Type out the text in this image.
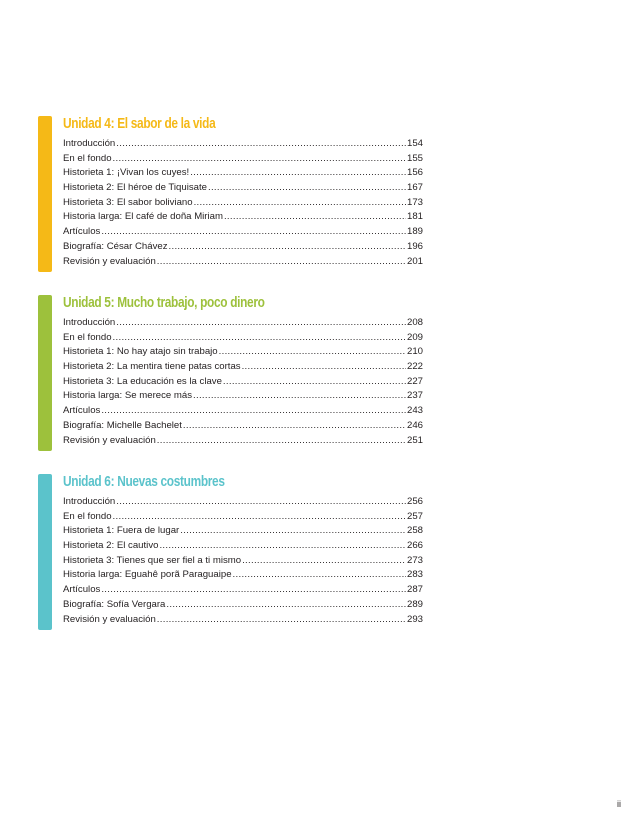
Unidad 4: El sabor de la vida
Introducción .....	154
En el fondo .....	155
Historieta 1: ¡Vivan los cuyes! .....	156
Historieta 2: El héroe de Tiquisate .....	167
Historieta 3: El sabor boliviano .....	173
Historia larga: El café de doña Miriam .....	181
Artículos .....	189
Biografía: César Chávez .....	196
Revisión y evaluación .....	201
Unidad 5: Mucho trabajo, poco dinero
Introducción .....	208
En el fondo .....	209
Historieta 1: No hay atajo sin trabajo .....	210
Historieta 2: La mentira tiene patas cortas .....	222
Historieta 3: La educación es la clave .....	227
Historia larga: Se merece más .....	237
Artículos .....	243
Biografía: Michelle Bachelet .....	246
Revisión y evaluación .....	251
Unidad 6: Nuevas costumbres
Introducción .....	256
En el fondo .....	257
Historieta 1: Fuera de lugar .....	258
Historieta 2: El cautivo .....	266
Historieta 3: Tienes que ser fiel a ti mismo .....	273
Historia larga: Eguahê porã Paraguaipe .....	283
Artículos .....	287
Biografía: Sofía Vergara .....	289
Revisión y evaluación .....	293
ii
